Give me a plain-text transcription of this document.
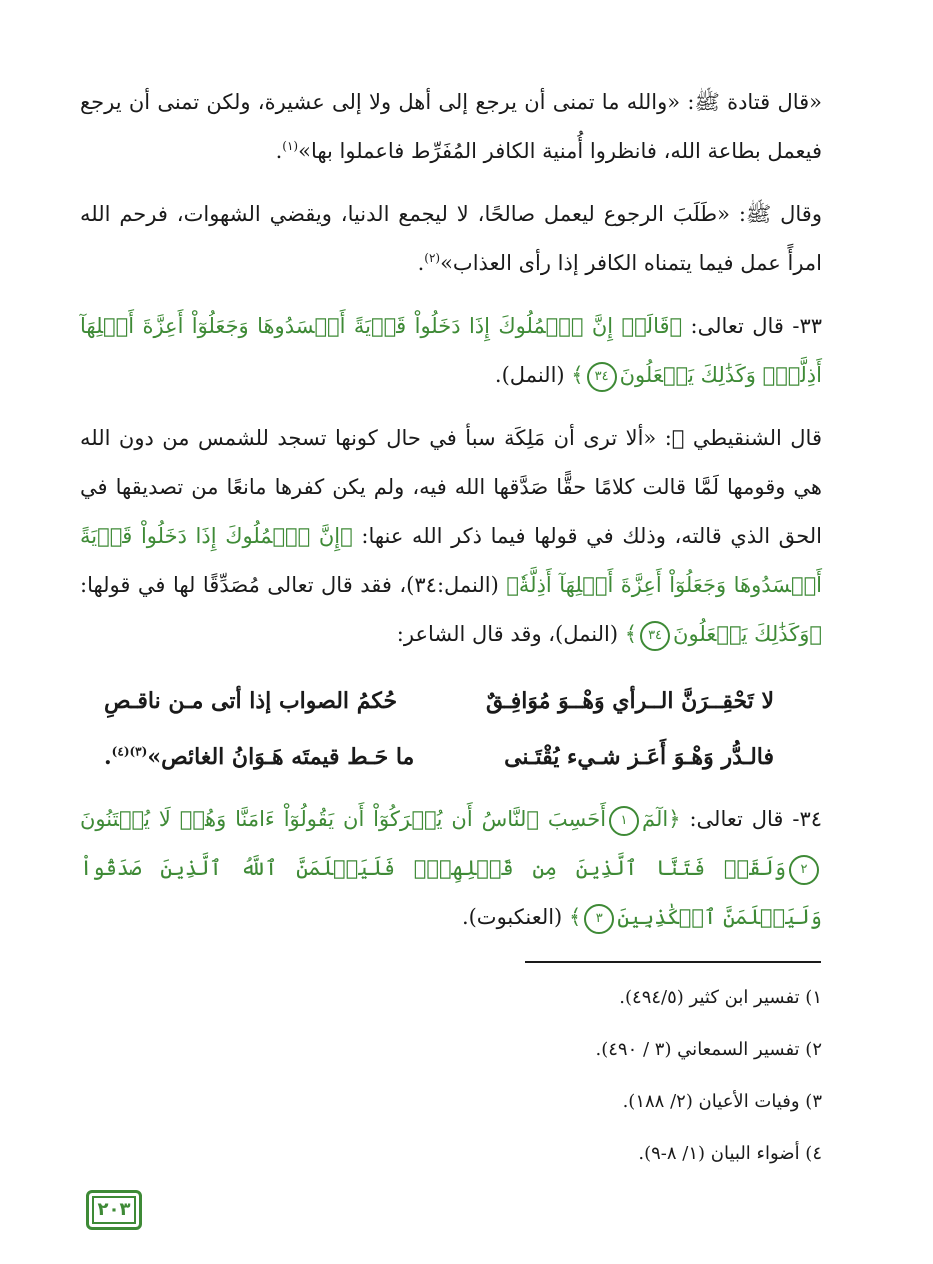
«قال قتادة ﷺ: «والله ما تمنى أن يرجع إلى أهل ولا إلى عشيرة، ولكن تمنى أن يرجع فيعمل بطاعة الله، فانظروا أُمنية الكافر المُفَرِّط فاعملوا بها»$^{(١)}$.

وقال ﷺ: «طَلَبَ الرجوع ليعمل صالحًا، لا ليجمع الدنيا، ويقضي الشهوات، فرحم الله امرأً عمل فيما يتمناه الكافر إذا رأى العذاب»$^{(٢)}$.

٣٣- قال تعالى: ﴿قَالَتۡ إِنَّ ٱلۡمُلُوكَ إِذَا دَخَلُواْ قَرۡيَةً أَفۡسَدُوهَا وَجَعَلُوٓاْ أَعِزَّةَ أَهۡلِهَآ أَذِلَّةٗۚ وَكَذَٰلِكَ يَفۡعَلُونَ٣٤﴾ (النمل).

قال الشنقيطي ﷺ: «ألا ترى أن مَلِكَة سبأ في حال كونها تسجد للشمس من دون الله هي وقومها لَمَّا قالت كلامًا حقًّا صَدَّقها الله فيه، ولم يكن كفرها مانعًا من تصديقها في الحق الذي قالته، وذلك في قولها فيما ذكر الله عنها: ﴿إِنَّ ٱلۡمُلُوكَ إِذَا دَخَلُواْ قَرۡيَةً أَفۡسَدُوهَا وَجَعَلُوٓاْ أَعِزَّةَ أَهۡلِهَآ أَذِلَّةٗ﴾ (النمل:٣٤)، فقد قال تعالى مُصَدِّقًا لها في قولها: ﴿وَكَذَٰلِكَ يَفۡعَلُونَ٣٤﴾ (النمل)، وقد قال الشاعر:

لا تَحْقِــرَنَّ الــرأي وَهْــوَ مُوَافِـقٌ
حُكمُ الصواب إذا أتى مـن ناقـصِ
فالـدُّر وَهْـوَ أَعَـز شـيء يُقْتَـنى
ما حَـط قيمتَه هَـوَانُ الغائص»$^{(٣)(٤)}$.

٣٤- قال تعالى: ﴿الٓمٓ١أَحَسِبَ ٱلنَّاسُ أَن يُتۡرَكُوٓاْ أَن يَقُولُوٓاْ ءَامَنَّا وَهُمۡ لَا يُفۡتَنُونَ٢وَلَقَدۡ فَتَنَّا ٱلَّذِينَ مِن قَبۡلِهِمۡۖ فَلَيَعۡلَمَنَّ ٱللَّهُ ٱلَّذِينَ صَدَقُواْ وَلَيَعۡلَمَنَّ ٱلۡكَٰذِبِينَ٣﴾ (العنكبوت).

١) تفسير ابن كثير (٤٩٤/٥).
٢) تفسير السمعاني (٣ / ٤٩٠).
٣) وفيات الأعيان (٢/ ١٨٨).
٤) أضواء البيان (١/ ٨-٩).
٢٠٣
